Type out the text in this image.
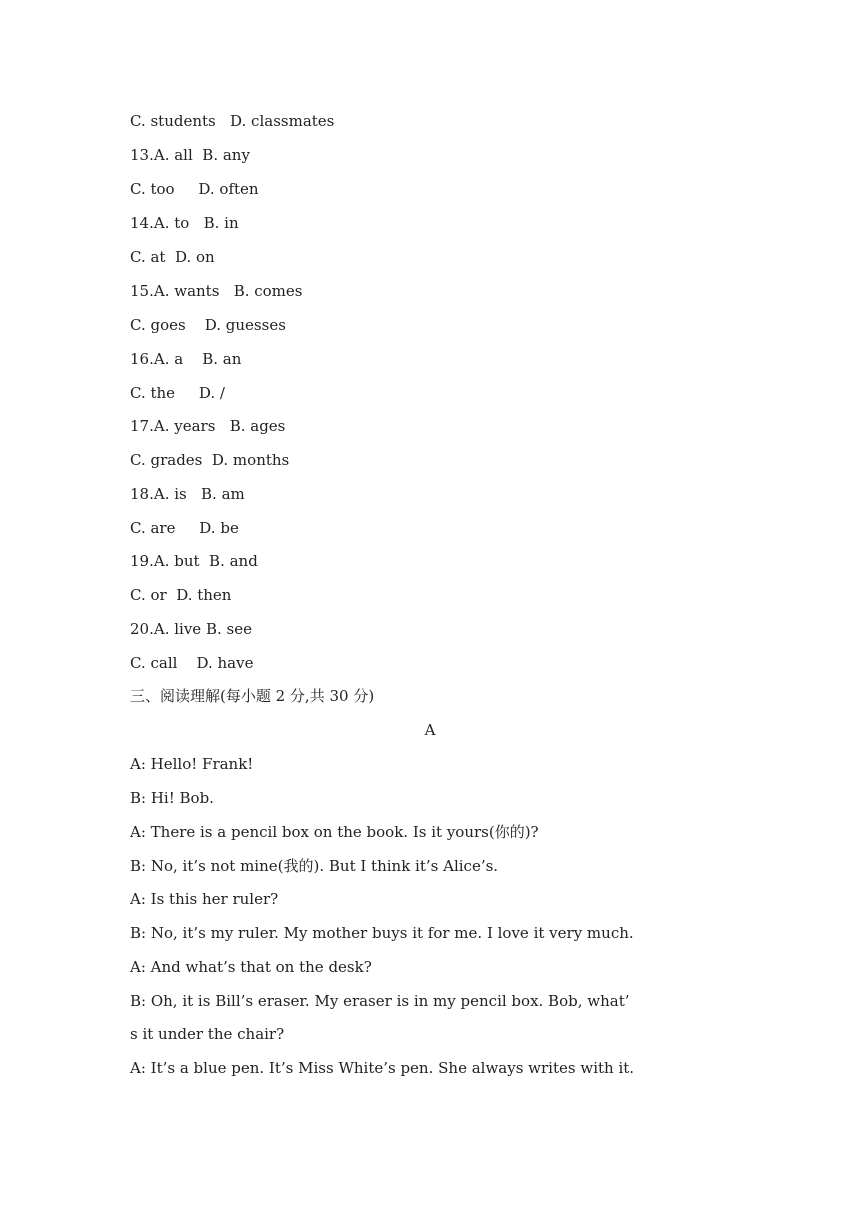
C. students   D. classmates
13.A. all  B. any
C. too     D. often
14.A. to   B. in
C. at  D. on
15.A. wants   B. comes
C. goes    D. guesses
16.A. a    B. an
C. the     D. /
17.A. years   B. ages
C. grades  D. months
18.A. is   B. am
C. are     D. be
19.A. but  B. and
C. or  D. then
20.A. live B. see
C. call    D. have
三、阅读理解(每小题 2 分,共 30 分)
A
A: Hello! Frank!
B: Hi! Bob.
A: There is a pencil box on the book. Is it yours(你的)?
B: No, it’s not mine(我的). But I think it’s Alice’s.
A: Is this her ruler?
B: No, it’s my ruler. My mother buys it for me. I love it very much.
A: And what’s that on the desk?
B: Oh, it is Bill’s eraser. My eraser is in my pencil box. Bob, what’
s it under the chair?
A: It’s a blue pen. It’s Miss White’s pen. She always writes with it.
